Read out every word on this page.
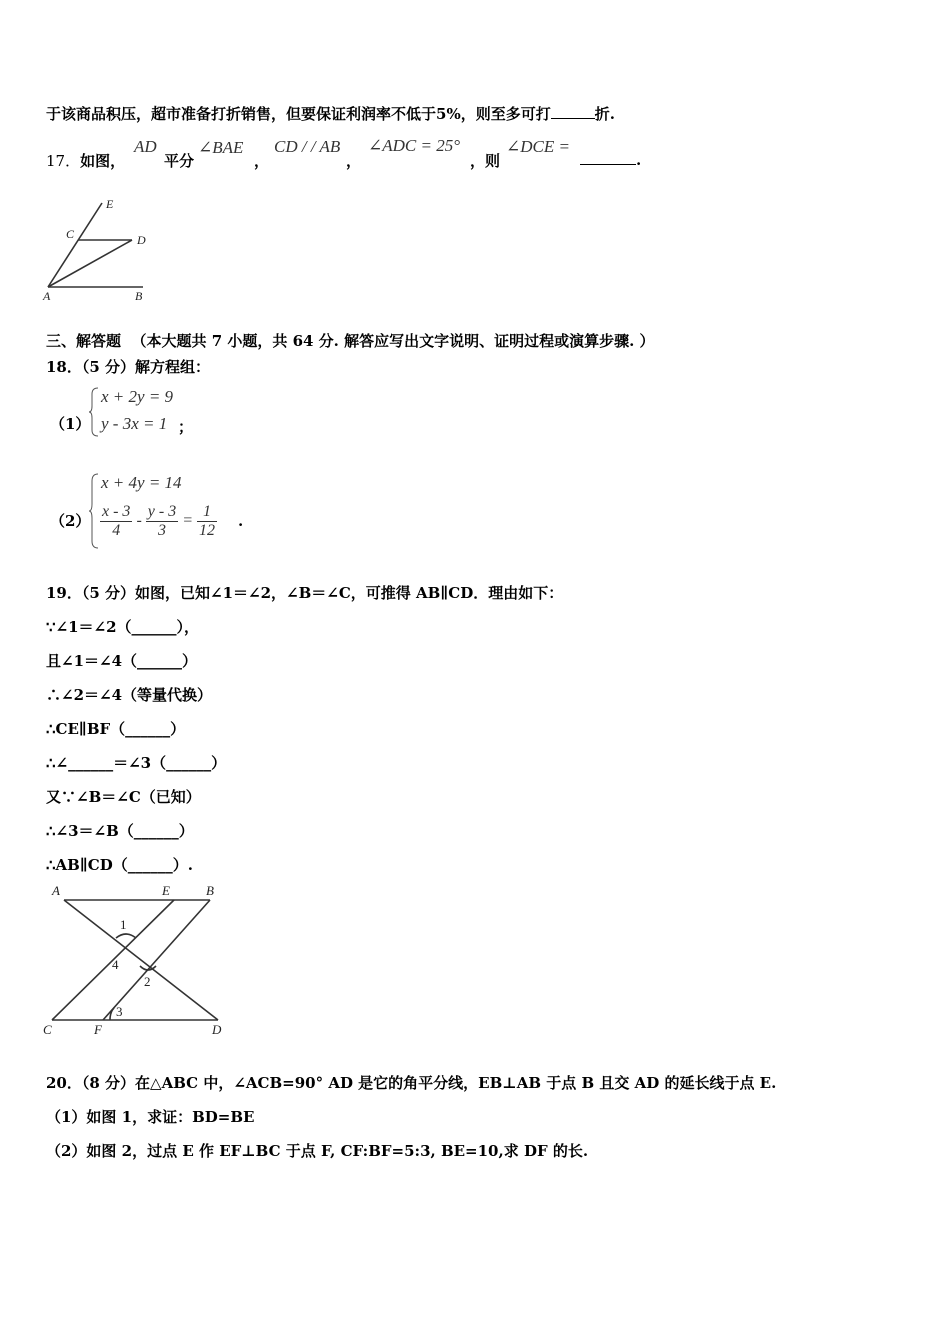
于该商品积压，超市准备打折销售，但要保证利润率不低于5%，则至多可打	折.
17．如图，
AD
平分
∠BAE
，
CD / / AB
，
∠ADC = 25°
，则
∠DCE =
.
E
C	D
A	B
三、解答题 （本大题共 7 小题，共 64 分. 解答应写出文字说明、证明过程或演算步骤. ）
18．（5 分）解方程组：
（1）
x + 2y = 9
y - 3x = 1 ；
（2）
x + 4y = 14
$\frac{x - 3}{4} - \frac{y - 3}{3} = \frac{1}{12}$ .
19．（5 分）如图，已知∠1＝∠2，∠B＝∠C，可推得 AB∥CD．理由如下：
∵∠1＝∠2（______），
且∠1＝∠4（______）
∴∠2＝∠4（等量代换）
∴CE∥BF（______）
∴∠______＝∠3（______）
又∵∠B＝∠C（已知）
∴∠3＝∠B（______）
∴AB∥CD（______）.
A	E	B
C	F	D
1
2
3
4
20．（8 分）在△ABC 中，∠ACB=90° AD 是它的角平分线，EB⊥AB 于点 B 且交 AD 的延长线于点 E.
（1）如图 1，求证：BD=BE
（2）如图 2，过点 E 作 EF⊥BC 于点 F, CF:BF=5:3, BE=10,求 DF 的长.
